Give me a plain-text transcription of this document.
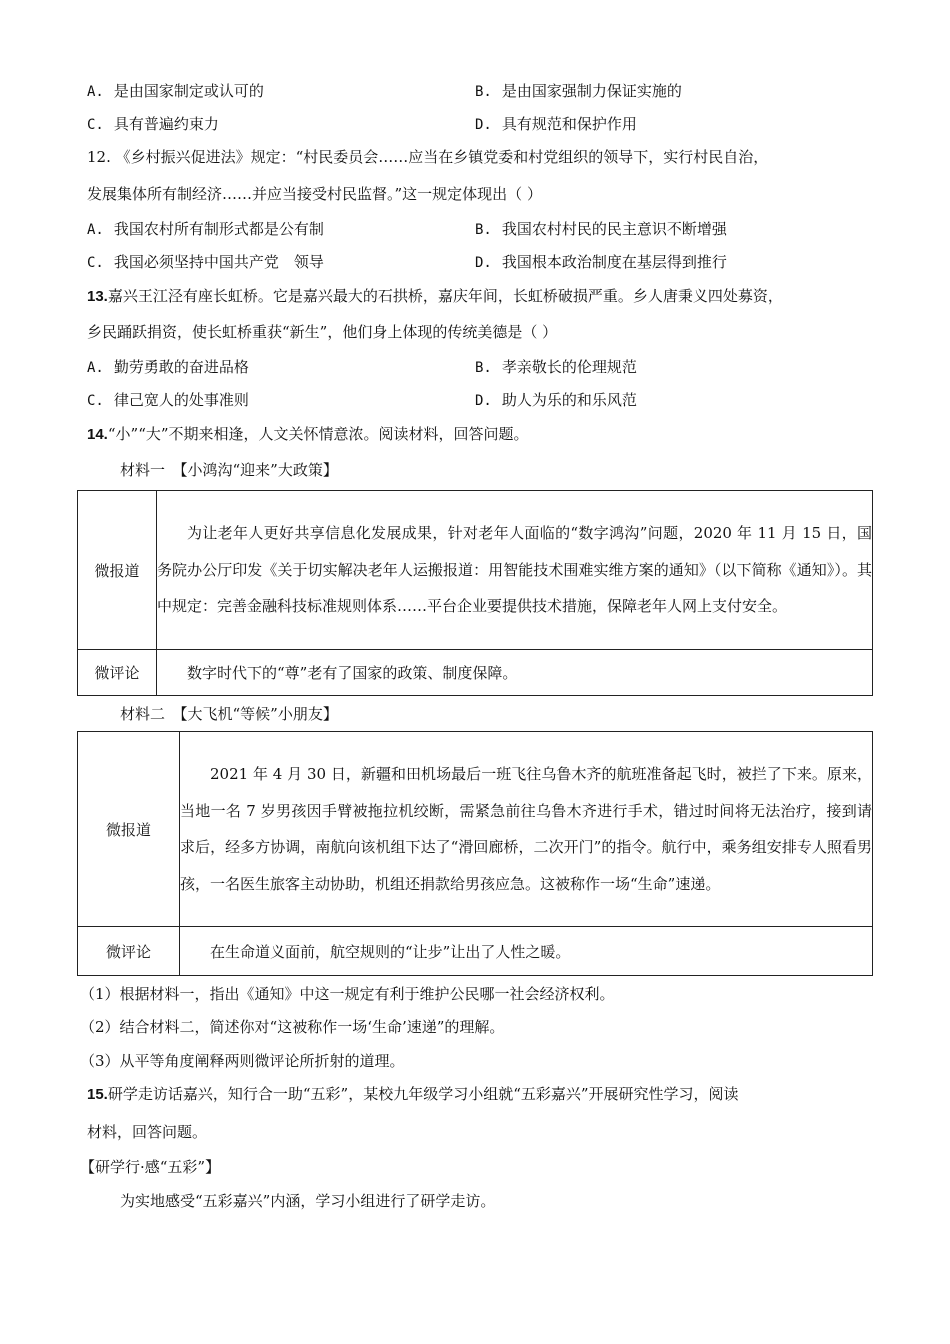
A. 是由国家制定或认可的	B. 是由国家强制力保证实施的
C. 具有普遍约束力	D. 具有规范和保护作用
12. 《乡村振兴促进法》规定：“村民委员会……应当在乡镇党委和村党组织的领导下，实行村民自治，
发展集体所有制经济……并应当接受村民监督。”这一规定体现出（ ）
A. 我国农村所有制形式都是公有制	B. 我国农村村民的民主意识不断增强
C. 我国必须坚持中国共产党　领导	D. 我国根本政治制度在基层得到推行
13.嘉兴王江泾有座长虹桥。它是嘉兴最大的石拱桥，嘉庆年间，长虹桥破损严重。乡人唐秉义四处募资，
乡民踊跃捐资，使长虹桥重获“新生”，他们身上体现的传统美德是（ ）
A. 勤劳勇敢的奋进品格	B. 孝亲敬长的伦理规范
C. 律己宽人的处事准则	D. 助人为乐的和乐风范
14.“小”“大”不期来相逢，人文关怀情意浓。阅读材料，回答问题。
材料一　【小鸿沟“迎来”大政策】
微报道	为让老年人更好共享信息化发展成果，针对老年人面临的“数字鸿沟”问题，2020 年 11 月 15 日，国务院办公厅印发《关于切实解决老年人运搬报道：用智能技术围难实维方案的通知》（以下简称《通知》）。其中规定：完善金融科技标准规则体系……平台企业要提供技术措施，保障老年人网上支付安全。
微评论	数字时代下的“尊”老有了国家的政策、制度保障。
材料二　【大飞机“等候”小朋友】
微报道	2021 年 4 月 30 日，新疆和田机场最后一班飞往乌鲁木齐的航班准备起飞时，被拦了下来。原来，当地一名 7 岁男孩因手臂被拖拉机绞断，需紧急前往乌鲁木齐进行手术，错过时间将无法治疗，接到请求后，经多方协调，南航向该机组下达了“滑回廊桥，二次开门”的指令。航行中，乘务组安排专人照看男孩，一名医生旅客主动协助，机组还捐款给男孩应急。这被称作一场“生命”速递。
微评论	在生命道义面前，航空规则的“让步”让出了人性之暖。
（1）根据材料一，指出《通知》中这一规定有利于维护公民哪一社会经济权利。
（2）结合材料二，简述你对“这被称作一场‘生命’速递”的理解。
（3）从平等角度阐释两则微评论所折射的道理。
15.研学走访话嘉兴，知行合一助“五彩”，某校九年级学习小组就“五彩嘉兴”开展研究性学习，阅读
材料，回答问题。
【研学行·感“五彩”】
为实地感受“五彩嘉兴”内涵，学习小组进行了研学走访。
